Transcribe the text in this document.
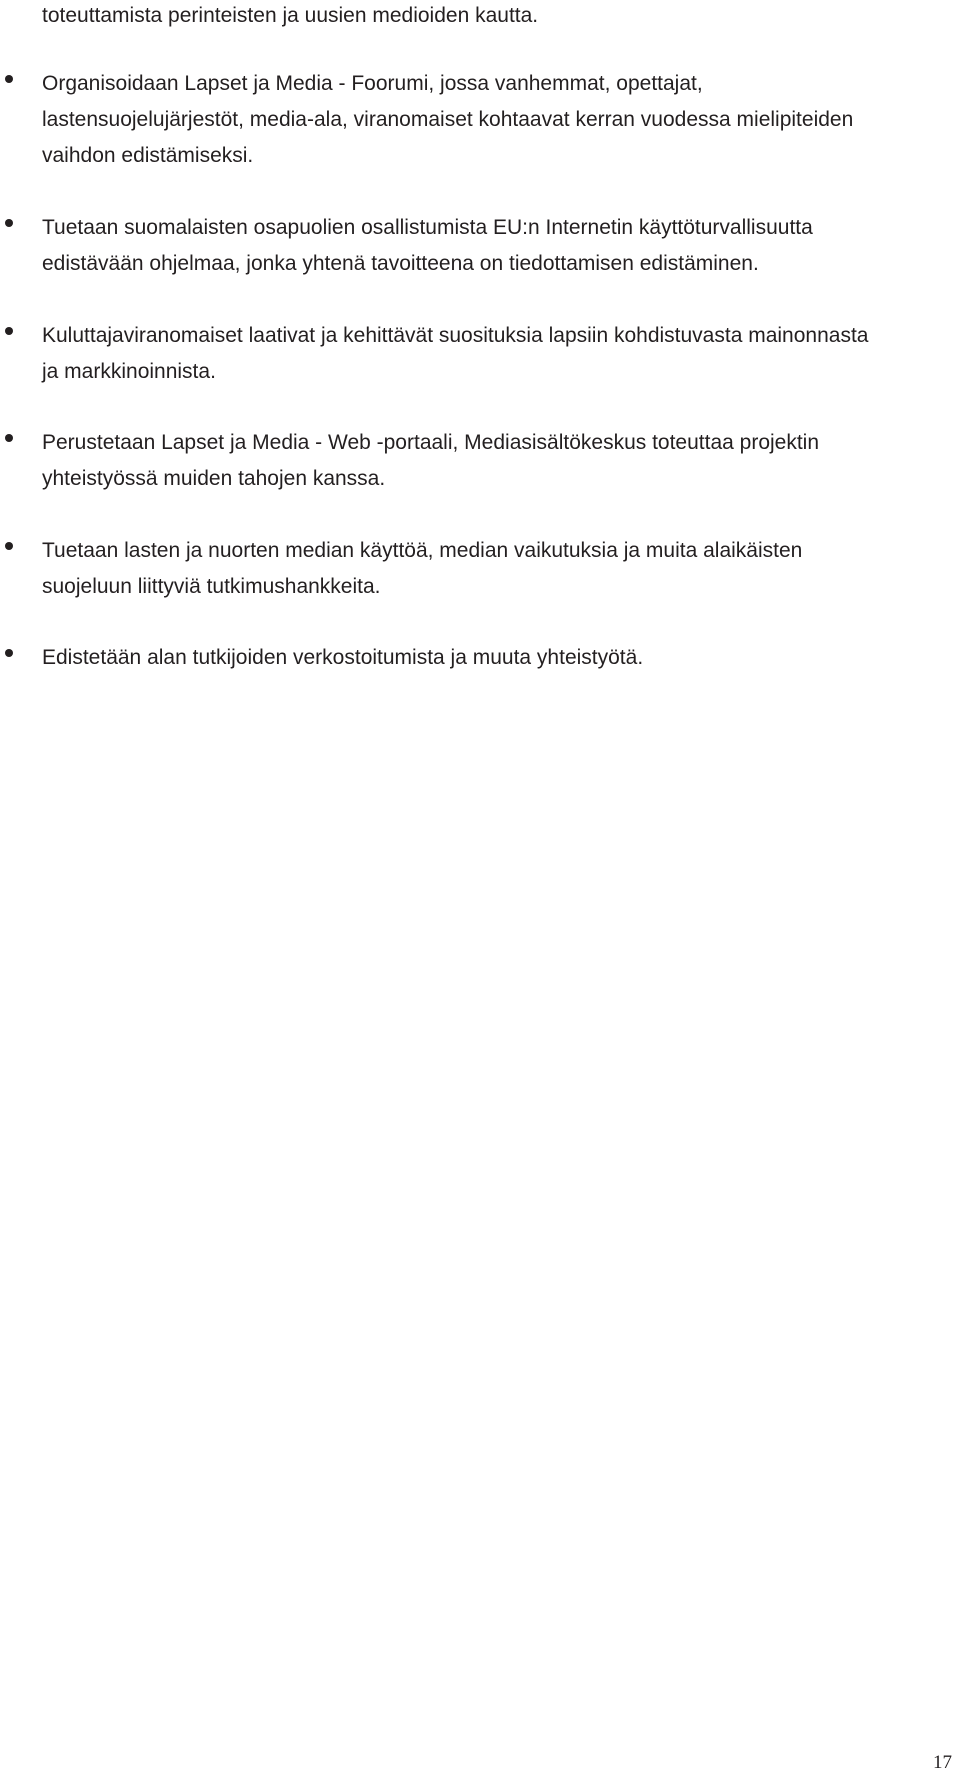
toteuttamista perinteisten ja uusien medioiden kautta.
Organisoidaan Lapset ja Media - Foorumi, jossa vanhemmat, opettajat,
lastensuojelujärjestöt, media-ala, viranomaiset kohtaavat kerran vuodessa mielipiteiden
vaihdon edistämiseksi.
Tuetaan suomalaisten osapuolien osallistumista EU:n Internetin käyttöturvallisuutta
edistävään ohjelmaa, jonka yhtenä tavoitteena on tiedottamisen edistäminen.
Kuluttajaviranomaiset laativat ja kehittävät suosituksia lapsiin kohdistuvasta mainonnasta
ja markkinoinnista.
Perustetaan Lapset ja Media - Web -portaali, Mediasisältökeskus toteuttaa projektin
yhteistyössä muiden tahojen kanssa.
Tuetaan lasten ja nuorten median käyttöä, median vaikutuksia ja muita alaikäisten
suojeluun liittyviä tutkimushankkeita.
Edistetään alan tutkijoiden verkostoitumista ja muuta yhteistyötä.
17
